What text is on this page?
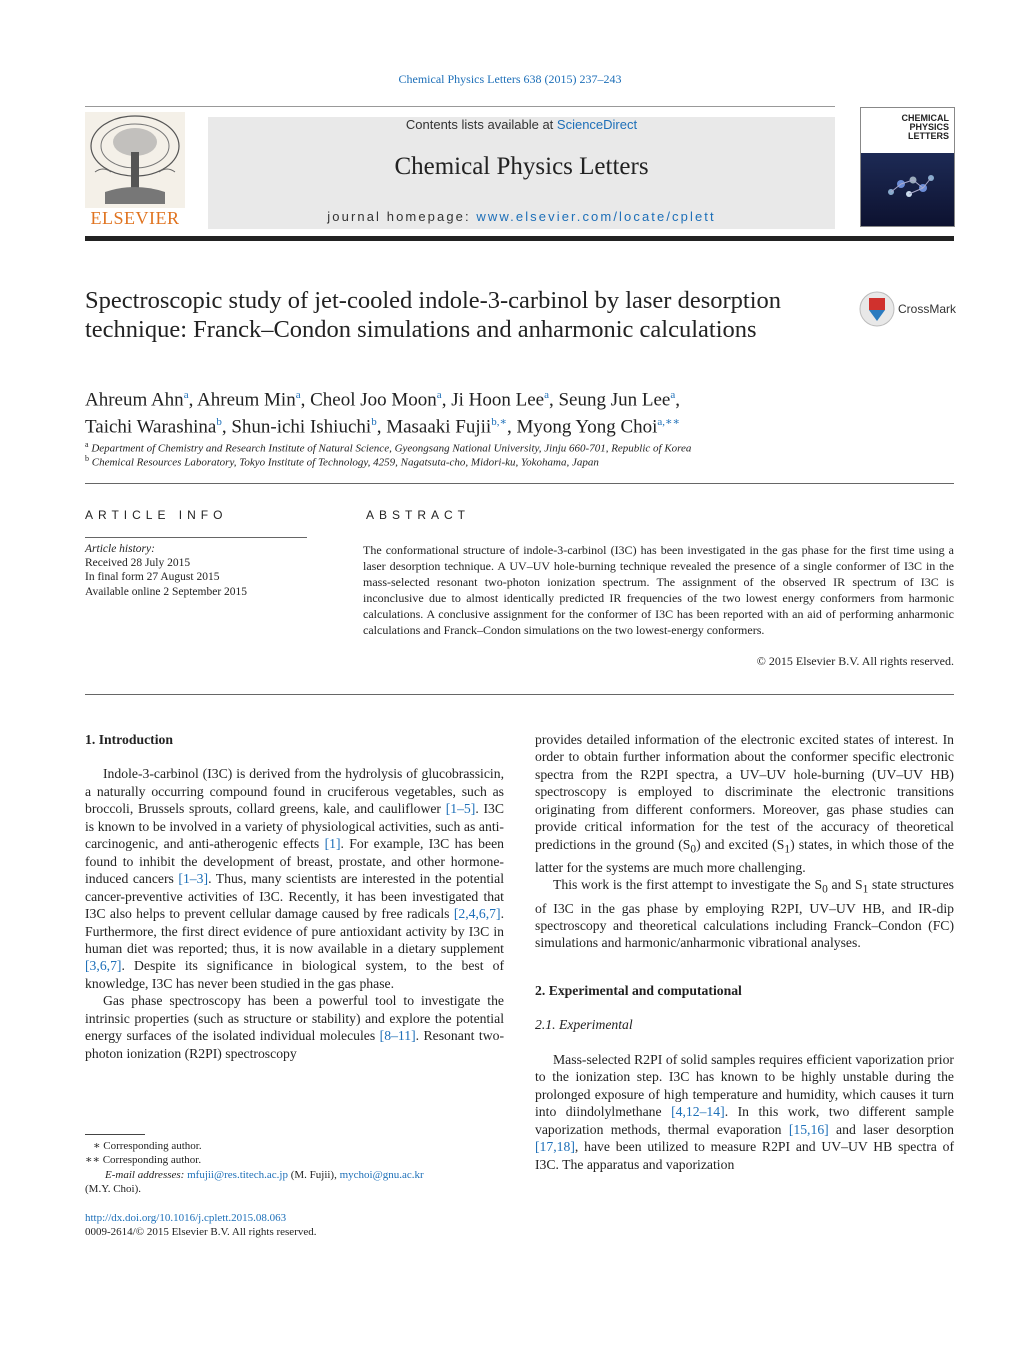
Chemical Physics Letters 638 (2015) 237–243
ELSEVIER
Contents lists available at ScienceDirect
Chemical Physics Letters
journal homepage: www.elsevier.com/locate/cplett
CHEMICAL PHYSICS LETTERS
Spectroscopic study of jet-cooled indole-3-carbinol by laser desorption technique: Franck–Condon simulations and anharmonic calculations
CrossMark
Ahreum Ahn$^a$, Ahreum Min$^a$, Cheol Joo Moon$^a$, Ji Hoon Lee$^a$, Seung Jun Lee$^a$,
Taichi Warashina$^b$, Shun-ichi Ishiuchi$^b$, Masaaki Fujii$^{b,∗}$, Myong Yong Choi$^{a,∗∗}$
$^a$ Department of Chemistry and Research Institute of Natural Science, Gyeongsang National University, Jinju 660-701, Republic of Korea
$^b$ Chemical Resources Laboratory, Tokyo Institute of Technology, 4259, Nagatsuta-cho, Midori-ku, Yokohama, Japan
ARTICLE INFO
Article history:
Received 28 July 2015
In final form 27 August 2015
Available online 2 September 2015
ABSTRACT
The conformational structure of indole-3-carbinol (I3C) has been investigated in the gas phase for the first time using a laser desorption technique. A UV–UV hole-burning technique revealed the presence of a single conformer of I3C in the mass-selected resonant two-photon ionization spectrum. The assignment of the observed IR spectrum of I3C is inconclusive due to almost identically predicted IR frequencies of the two lowest energy conformers from harmonic calculations. A conclusive assignment for the conformer of I3C has been reported with an aid of performing anharmonic calculations and Franck–Condon simulations on the two lowest-energy conformers.
© 2015 Elsevier B.V. All rights reserved.
1. Introduction

Indole-3-carbinol (I3C) is derived from the hydrolysis of glucobrassicin, a naturally occurring compound found in cruciferous vegetables, such as broccoli, Brussels sprouts, collard greens, kale, and cauliflower [1–5]. I3C is known to be involved in a variety of physiological activities, such as anti-carcinogenic, and anti-atherogenic effects [1]. For example, I3C has been found to inhibit the development of breast, prostate, and other hormone-induced cancers [1–3]. Thus, many scientists are interested in the potential cancer-preventive activities of I3C. Recently, it has been investigated that I3C also helps to prevent cellular damage caused by free radicals [2,4,6,7]. Furthermore, the first direct evidence of pure antioxidant activity by I3C in human diet was reported; thus, it is now available in a dietary supplement [3,6,7]. Despite its significance in biological system, to the best of knowledge, I3C has never been studied in the gas phase.

Gas phase spectroscopy has been a powerful tool to investigate the intrinsic properties (such as structure or stability) and explore the potential energy surfaces of the isolated individual molecules [8–11]. Resonant two-photon ionization (R2PI) spectroscopy

provides detailed information of the electronic excited states of interest. In order to obtain further information about the conformer specific electronic spectra from the R2PI spectra, a UV–UV hole-burning (UV–UV HB) spectroscopy is employed to discriminate the electronic transitions originating from different conformers. Moreover, gas phase studies can provide critical information for the test of the accuracy of theoretical predictions in the ground $(S_0)$ and excited $(S_1)$ states, in which those of the latter for the systems are much more challenging.

This work is the first attempt to investigate the $S_0$ and $S_1$ state structures of I3C in the gas phase by employing R2PI, UV–UV HB, and IR-dip spectroscopy and theoretical calculations including Franck–Condon (FC) simulations and harmonic/anharmonic vibrational analyses.

2. Experimental and computational
2.1. Experimental

Mass-selected R2PI of solid samples requires efficient vaporization prior to the ionization step. I3C has known to be highly unstable during the prolonged exposure of high temperature and humidity, which causes it turn into diindolylmethane [4,12–14]. In this work, two different sample vaporization methods, thermal evaporation [15,16] and laser desorption [17,18], have been utilized to measure R2PI and UV–UV HB spectra of I3C. The apparatus and vaporization

∗ Corresponding author.
∗∗ Corresponding author.
E-mail addresses: mfujii@res.titech.ac.jp (M. Fujii), mychoi@gnu.ac.kr
(M.Y. Choi).
http://dx.doi.org/10.1016/j.cplett.2015.08.063
0009-2614/© 2015 Elsevier B.V. All rights reserved.
